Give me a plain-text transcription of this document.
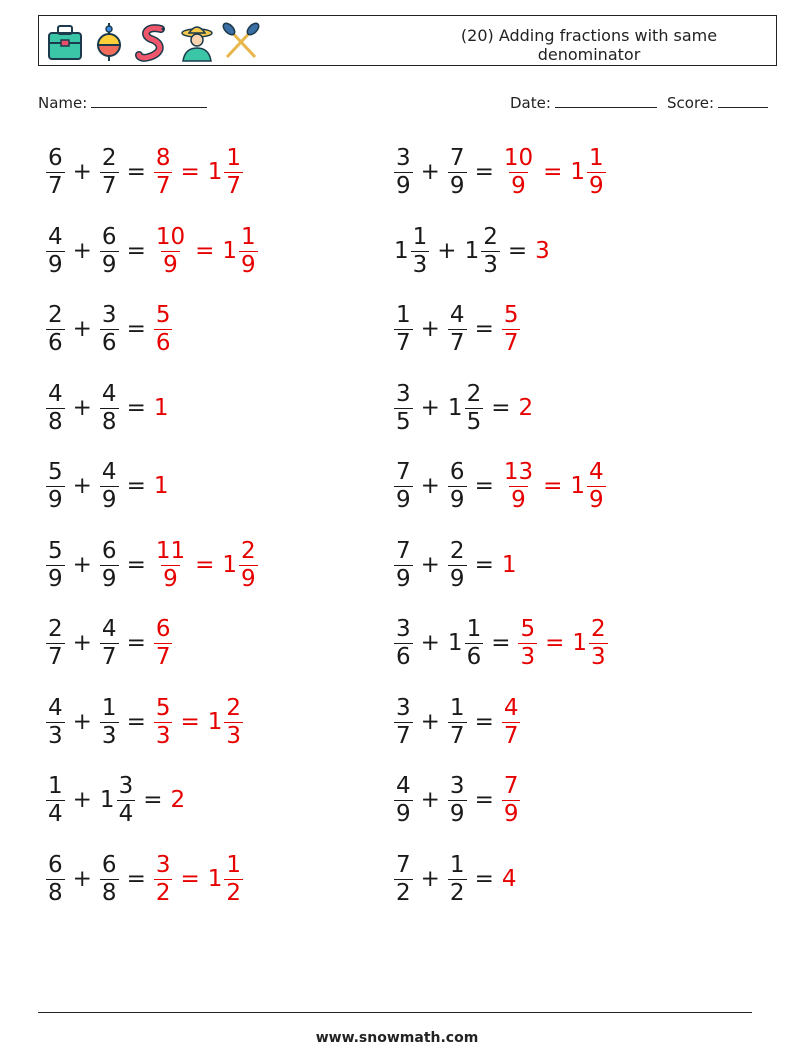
(20) Adding fractions with same denominator
Name:	Date:	Score:
$\frac{6}{7} + \frac{2}{7} = \frac{8}{7} = 1 \frac{1}{7}$
$\frac{4}{9} + \frac{6}{9} = \frac{10}{9} = 1 \frac{1}{9}$
$\frac{2}{6} + \frac{3}{6} = \frac{5}{6}$
$\frac{4}{8} + \frac{4}{8} = 1$
$\frac{5}{9} + \frac{4}{9} = 1$
$\frac{5}{9} + \frac{6}{9} = \frac{11}{9} = 1 \frac{2}{9}$
$\frac{2}{7} + \frac{4}{7} = \frac{6}{7}$
$\frac{4}{3} + \frac{1}{3} = \frac{5}{3} = 1 \frac{2}{3}$
$\frac{1}{4} + 1 \frac{3}{4} = 2$
$\frac{6}{8} + \frac{6}{8} = \frac{3}{2} = 1 \frac{1}{2}$
$\frac{3}{9} + \frac{7}{9} = \frac{10}{9} = 1 \frac{1}{9}$
$1 \frac{1}{3} + 1 \frac{2}{3} = 3$
$\frac{1}{7} + \frac{4}{7} = \frac{5}{7}$
$\frac{3}{5} + 1 \frac{2}{5} = 2$
$\frac{7}{9} + \frac{6}{9} = \frac{13}{9} = 1 \frac{4}{9}$
$\frac{7}{9} + \frac{2}{9} = 1$
$\frac{3}{6} + 1 \frac{1}{6} = \frac{5}{3} = 1 \frac{2}{3}$
$\frac{3}{7} + \frac{1}{7} = \frac{4}{7}$
$\frac{4}{9} + \frac{3}{9} = \frac{7}{9}$
$\frac{7}{2} + \frac{1}{2} = 4$
www.snowmath.com
